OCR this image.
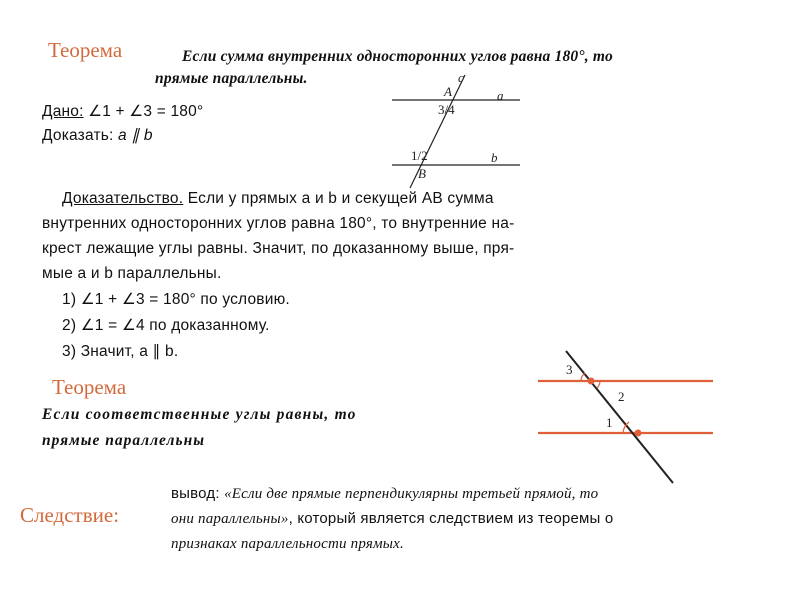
Теорема	Если сумма внутренних односторонних углов равна 180°, то
прямые параллельны.
Дано: ∠1 + ∠3 = 180°
Доказать: a ∥ b
c
A	a
3/4
1/2	b
B
Доказательство. Если у прямых a и b и секущей AB сумма
внутренних односторонних углов равна 180°, то внутренние на-
крест лежащие углы равны. Значит, по доказанному выше, пря-
мые a и b параллельны.
1) ∠1 + ∠3 = 180° по условию.
2) ∠1 = ∠4 по доказанному.
3) Значит, a ∥ b.
Теорема
Если соответственные углы равны, то
прямые параллельны
3
2
1
Следствие:
вывод: «Если две прямые перпендикулярны третьей прямой, то
они параллельны», который является следствием из теоремы о
признаках параллельности прямых.
